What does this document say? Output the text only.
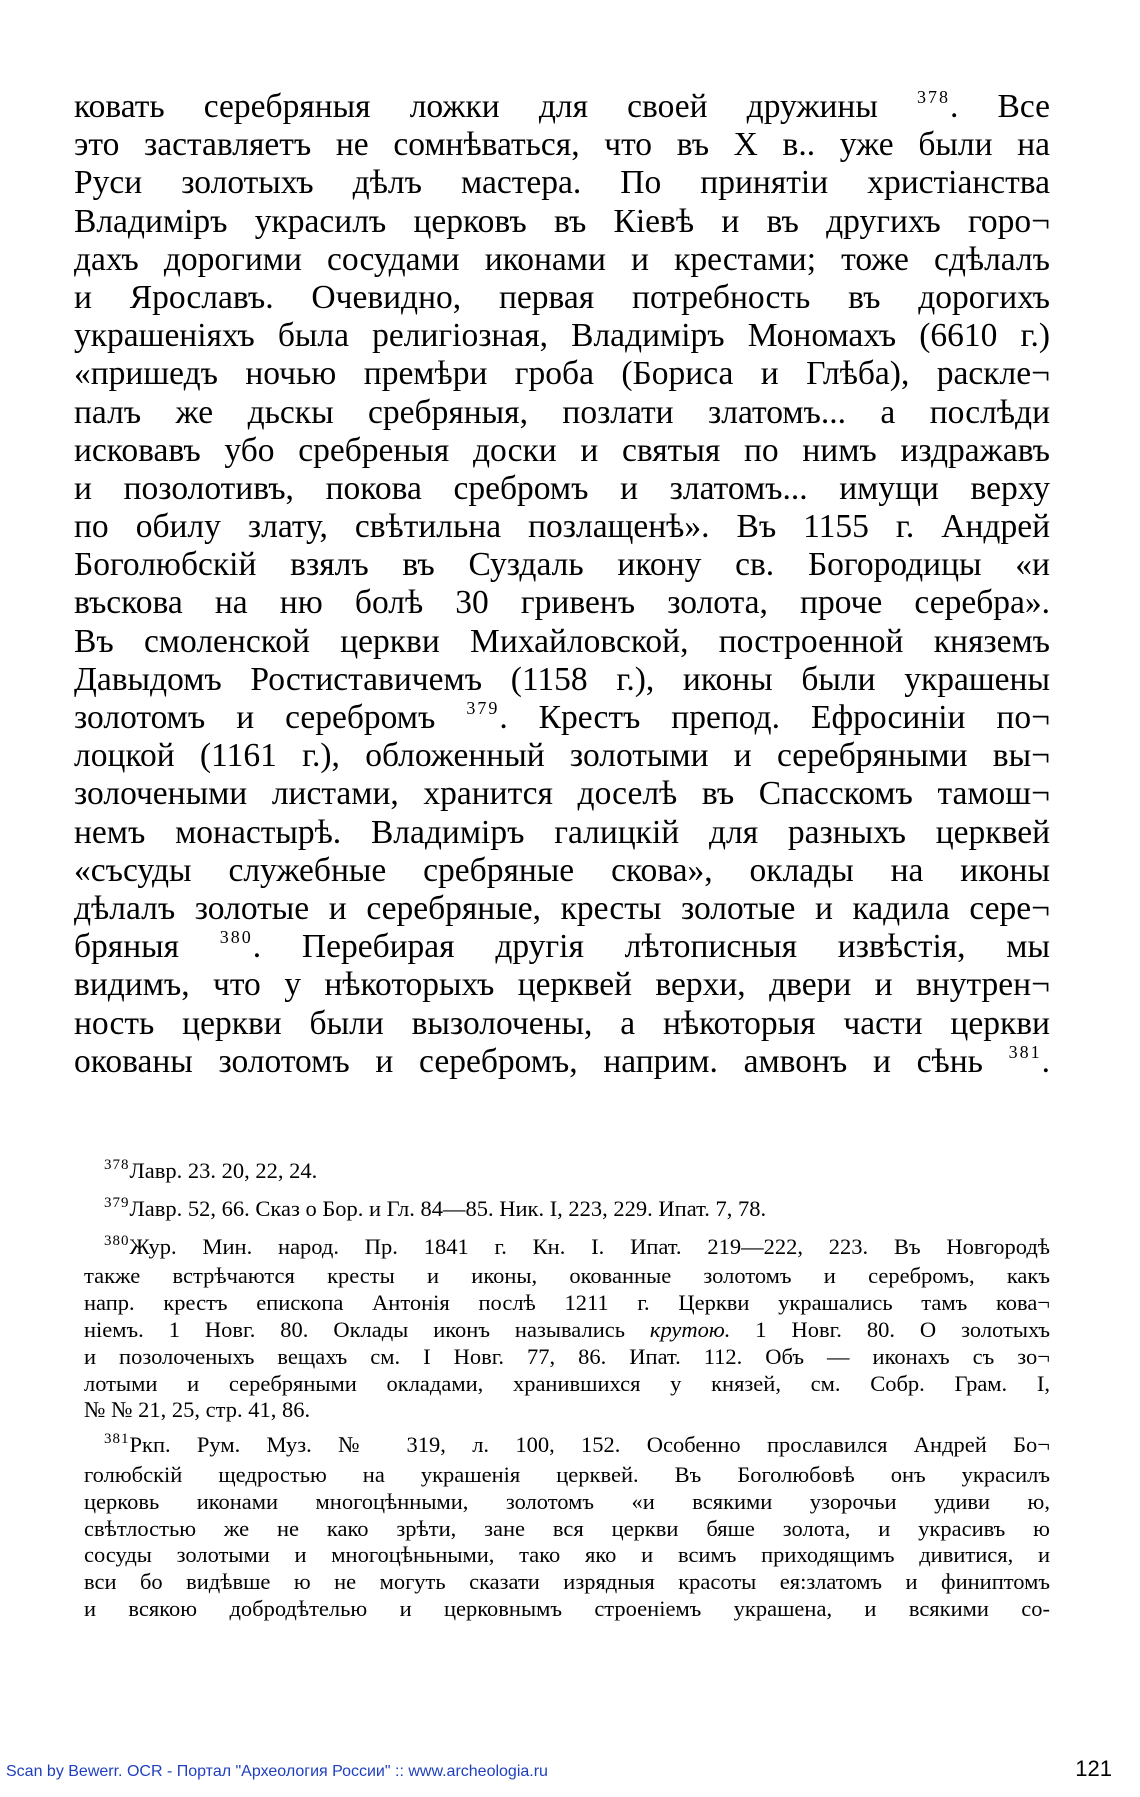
ковать серебряныя ложки для своей дружины $^{378}$. Все
это заставляетъ не сомнѣваться, что въ X в.. уже были на
Руси золотыхъ дѣлъ мастера. По принятіи христіанства
Владиміръ украсилъ церковъ въ Кіевѣ и въ другихъ горо¬
дахъ дорогими сосудами иконами и крестами; тоже сдѣлалъ
и Ярославъ. Очевидно, первая потребность въ дорогихъ
украшеніяхъ была религіозная, Владиміръ Мономахъ (6610 г.)
«пришедъ ночью премѣри гроба (Бориса и Глѣба), раскле¬
палъ же дьскы сребряныя, позлати златомъ... а послѣди
исковавъ убо сребреныя доски и святыя по нимъ издражавъ
и позолотивъ, покова сребромъ и златомъ... имущи верху
по обилу злату, свѣтильна позлащенѣ». Въ 1155 г. Андрей
Боголюбскій взялъ въ Суздаль икону св. Богородицы «и
въскова на ню болѣ 30 гривенъ золота, проче серебра».
Въ смоленской церкви Михайловской, построенной княземъ
Давыдомъ Ростиставичемъ (1158 г.), иконы были украшены
золотомъ и серебромъ $^{379}$. Крестъ препод. Ефросиніи по¬
лоцкой (1161 г.), обложенный золотыми и серебряными вы¬
золочеными листами, хранится доселѣ въ Спасскомъ тамош¬
немъ монастырѣ. Владиміръ галицкій для разныхъ церквей
«съсуды служебные сребряные скова», оклады на иконы
дѣлалъ золотые и серебряные, кресты золотые и кадила сере¬
бряныя $^{380}$. Перебирая другія лѣтописныя извѣстія, мы
видимъ, что у нѣкоторыхъ церквей верхи, двери и внутрен¬
ность церкви были вызолочены, а нѣкоторыя части церкви
окованы золотомъ и серебромъ, наприм. амвонъ и сѣнь $^{381}$.
$^{378}$Лавр. 23. 20, 22, 24.
$^{379}$Лавр. 52, 66. Сказ о Бор. и Гл. 84—85. Ник. I, 223, 229. Ипат. 7, 78.
$^{380}$Жур. Мин. народ. Пр. 1841 г. Кн. I. Ипат. 219—222, 223. Въ Новгородѣ
также встрѣчаются кресты и иконы, окованные золотомъ и серебромъ, какъ
напр. крестъ епископа Антонія послѣ 1211 г. Церкви украшались тамъ кова¬
ніемъ. 1 Новг. 80. Оклады иконъ назывались крутою. 1 Новг. 80. О золотыхъ
и позолоченыхъ вещахъ см. I Новг. 77, 86. Ипат. 112. Объ — иконахъ съ зо¬
лотыми и серебряными окладами, хранившихся у князей, см. Собр. Грам. I,
№ № 21, 25, стр. 41, 86.
$^{381}$Ркп. Рум. Муз. № 319, л. 100, 152. Особенно прославился Андрей Бо¬
голюбскій щедростью на украшенія церквей. Въ Боголюбовѣ онъ украсилъ
церковь иконами многоцѣнными, золотомъ «и всякими узорочьи удиви ю,
свѣтлостью же не како зрѣти, зане вся церкви бяше золота, и украсивъ ю
сосуды золотыми и многоцѣньными, тако яко и всимъ приходящимъ дивитися, и
вси бо видѣвше ю не могуть сказати изрядныя красоты ея:златомъ и финиптомъ
и всякою добродѣтелью и церковнымъ строеніемъ украшена, и всякими со-
Scan by Bewerr. OCR - Портал "Археология России" :: www.archeologia.ru	121
